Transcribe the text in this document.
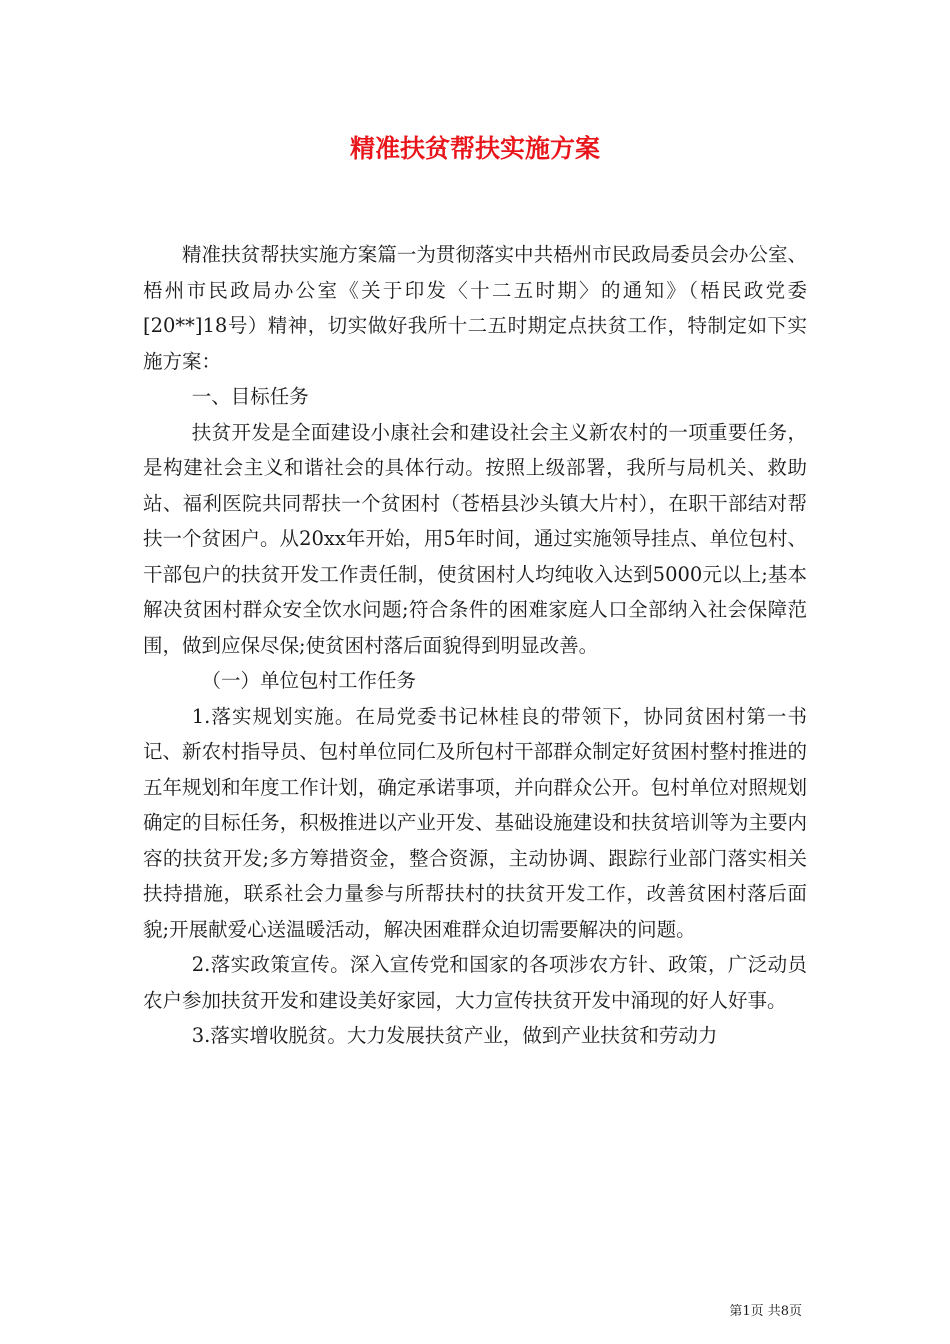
精准扶贫帮扶实施方案

精准扶贫帮扶实施方案篇一为贯彻落实中共梧州市民政局委员会办公室、梧州市民政局办公室《关于印发〈十二五时期〉的通知》（梧民政党委[20**]18号）精神，切实做好我所十二五时期定点扶贫工作，特制定如下实施方案：

一、目标任务

扶贫开发是全面建设小康社会和建设社会主义新农村的一项重要任务，是构建社会主义和谐社会的具体行动。按照上级部署，我所与局机关、救助站、福利医院共同帮扶一个贫困村（苍梧县沙头镇大片村），在职干部结对帮扶一个贫困户。从20xx年开始，用5年时间，通过实施领导挂点、单位包村、干部包户的扶贫开发工作责任制，使贫困村人均纯收入达到5000元以上;基本解决贫困村群众安全饮水问题;符合条件的困难家庭人口全部纳入社会保障范围，做到应保尽保;使贫困村落后面貌得到明显改善。

（一）单位包村工作任务

1.落实规划实施。在局党委书记林桂良的带领下，协同贫困村第一书记、新农村指导员、包村单位同仁及所包村干部群众制定好贫困村整村推进的五年规划和年度工作计划，确定承诺事项，并向群众公开。包村单位对照规划确定的目标任务，积极推进以产业开发、基础设施建设和扶贫培训等为主要内容的扶贫开发;多方筹措资金，整合资源，主动协调、跟踪行业部门落实相关扶持措施，联系社会力量参与所帮扶村的扶贫开发工作，改善贫困村落后面貌;开展献爱心送温暖活动，解决困难群众迫切需要解决的问题。

2.落实政策宣传。深入宣传党和国家的各项涉农方针、政策，广泛动员农户参加扶贫开发和建设美好家园，大力宣传扶贫开发中涌现的好人好事。

3.落实增收脱贫。大力发展扶贫产业，做到产业扶贫和劳动力

第1页 共8页
